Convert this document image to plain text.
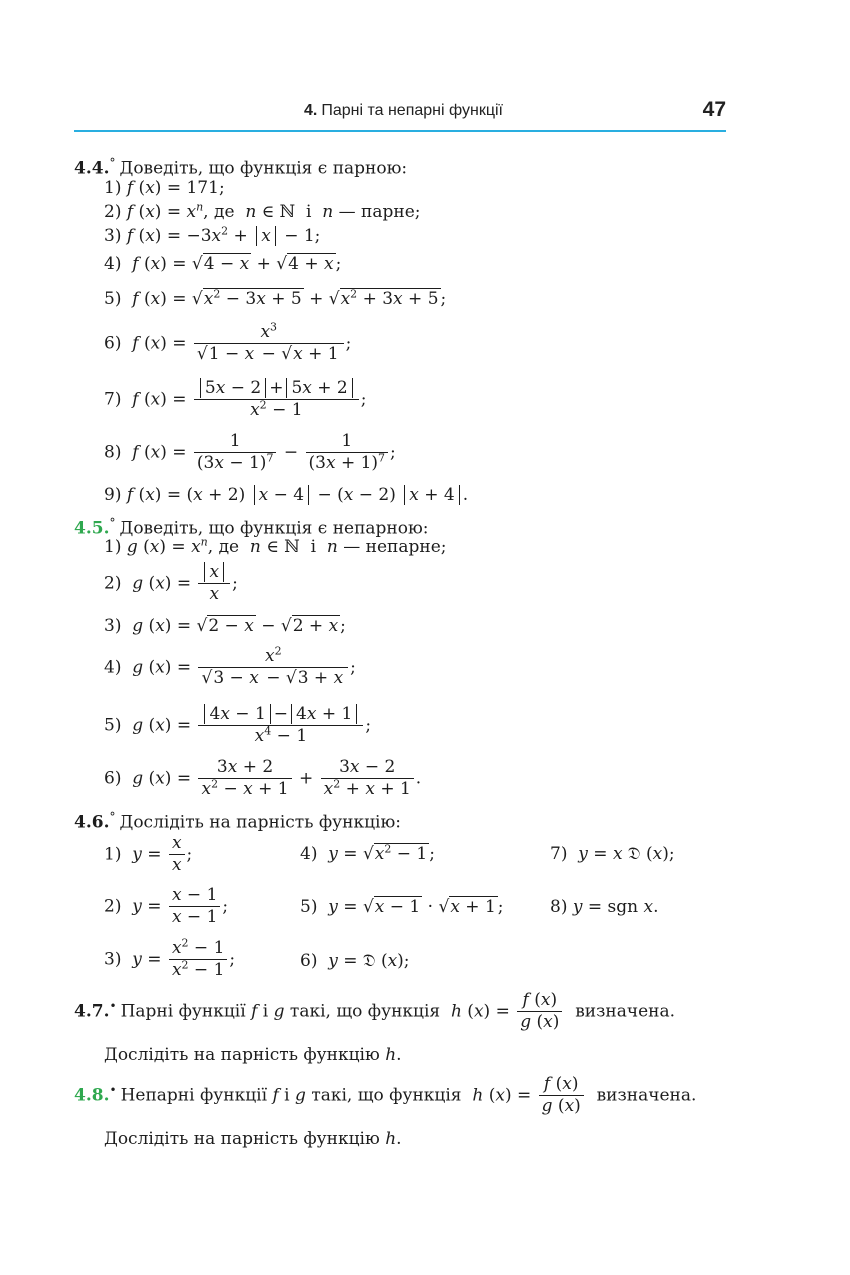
4. Парні та непарні функції	47
4.4.° Доведіть, що функція є парною:
1) f (x) = 171;
2) f $(x) = x^n$, де n ∈ ℕ  і n — парне;
3) f $(x) = -3x^2 + x - 1$;
4)  f (x) = √4 − x + √4 + x ;
5)  f $(x) = √x^2 - 3x + 5 + √x^2 + 3x + 5$ ;
6)  f $(x) = \frac{x^3}{√1 - x - √x + 1}$ ;
7)  f $(x) = \frac{5x - 2 + 5x + 2}{x^2 - 1}$ ;
8)  f $(x) = \frac{1}{(3x - 1)^7} - \frac{1}{(3x + 1)^7}$ ;
9) f (x) = (x + 2) x − 4 − (x − 2) x + 4 .
4.5.° Доведіть, що функція є непарною:
1) g $(x) = x^n$, де n ∈ ℕ  і n — непарне;
2)  g $(x) = \frac{x}{x}$ ;
3)  g (x) = √2 − x − √2 + x ;
4)  g $(x) = \frac{x^2}{√3 - x - √3 + x}$ ;
5)  g $(x) = \frac{4x - 1 - 4x + 1}{x^4 - 1}$ ;
6)  g $(x) = \frac{3x + 2}{x^2 - x + 1} + \frac{3x - 2}{x^2 + x + 1}$ .
4.6.° Дослідіть на парність функцію:
1)  $y = \frac{x}{x}$ ;	4)  $y = √x^2 - 1$ ;	7)  y = x 𝔇 (x);
2)  $y = \frac{x - 1}{x - 1}$ ;	5)  y = √x − 1 · √x + 1 ;	8) y = sgn x.
3)  $y = \frac{x^2 - 1}{x^2 - 1}$ ;	6)  y = 𝔇 (x);
4.7.• Парні функції f і g такі, що функція h $(x) = \frac{f (x)}{g (x)}$ визначена.
Дослідіть на парність функцію h.
4.8.• Непарні функції f і g такі, що функція h $(x) = \frac{f (x)}{g (x)}$ визначена.
Дослідіть на парність функцію h.
